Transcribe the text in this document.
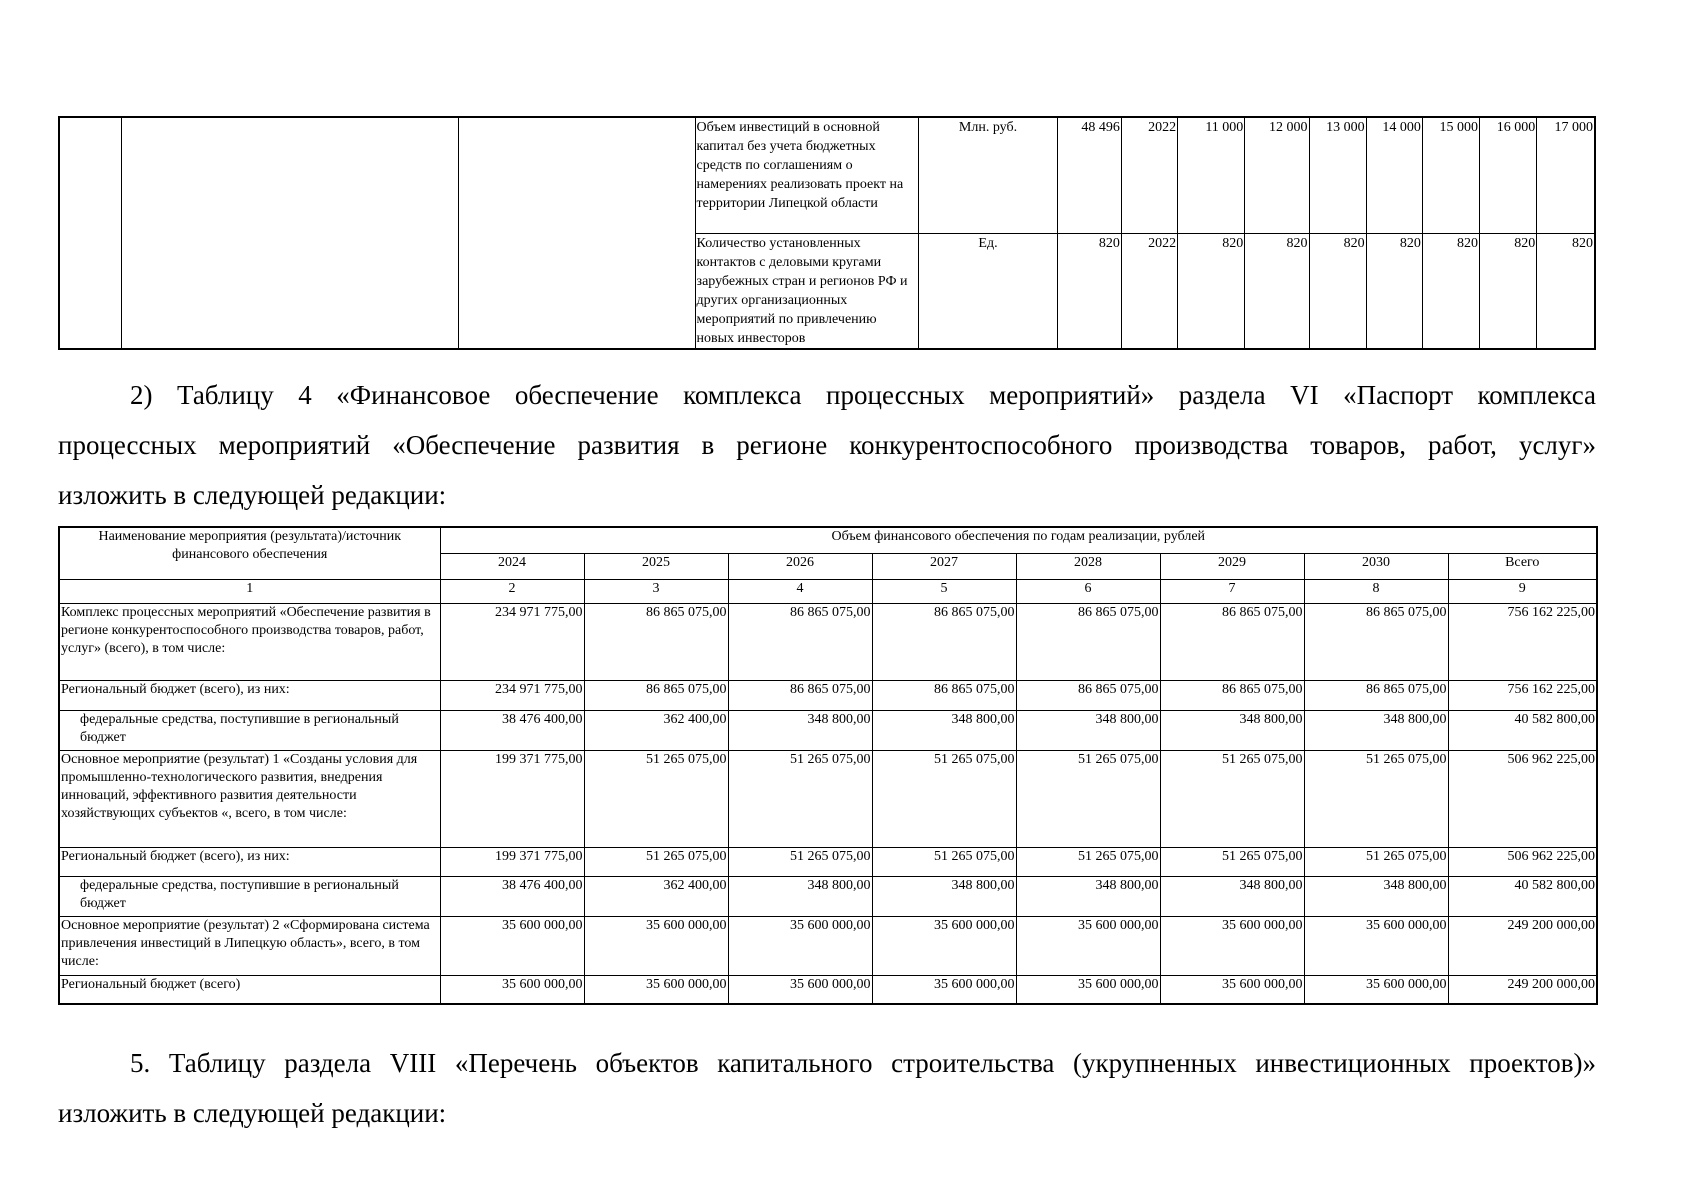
			Объем инвестиций в основной капитал без учета бюджетных средств по соглашениям о намерениях реализовать проект на территории Липецкой области	Млн. руб.	48 496	2022	11 000	12 000	13 000	14 000	15 000	16 000	17 000
			Количество установленных контактов с деловыми кругами зарубежных стран и регионов РФ и других организационных мероприятий по привлечению новых инвесторов	Ед.	820	2022	820	820	820	820	820	820	820
2) Таблицу 4 «Финансовое обеспечение комплекса процессных мероприятий» раздела VI «Паспорт комплекса
процессных мероприятий «Обеспечение развития в регионе конкурентоспособного производства товаров, работ, услуг»
изложить в следующей редакции:
Наименование мероприятия (результата)/источник финансового обеспечения	Объем финансового обеспечения по годам реализации, рублей							
	2024	2025	2026	2027	2028	2029	2030	Всего
1	2	3	4	5	6	7	8	9
Комплекс процессных мероприятий «Обеспечение развития в регионе конкурентоспособного производства товаров, работ, услуг» (всего), в том числе:	234 971 775,00	86 865 075,00	86 865 075,00	86 865 075,00	86 865 075,00	86 865 075,00	86 865 075,00	756 162 225,00
Региональный бюджет (всего), из них:	234 971 775,00	86 865 075,00	86 865 075,00	86 865 075,00	86 865 075,00	86 865 075,00	86 865 075,00	756 162 225,00
федеральные средства, поступившие в региональный бюджет	38 476 400,00	362 400,00	348 800,00	348 800,00	348 800,00	348 800,00	348 800,00	40 582 800,00
Основное мероприятие (результат) 1 «Созданы условия для промышленно-технологического развития, внедрения инноваций, эффективного развития деятельности хозяйствующих субъектов «, всего, в том числе:	199 371 775,00	51 265 075,00	51 265 075,00	51 265 075,00	51 265 075,00	51 265 075,00	51 265 075,00	506 962 225,00
Региональный бюджет (всего), из них:	199 371 775,00	51 265 075,00	51 265 075,00	51 265 075,00	51 265 075,00	51 265 075,00	51 265 075,00	506 962 225,00
федеральные средства, поступившие в региональный бюджет	38 476 400,00	362 400,00	348 800,00	348 800,00	348 800,00	348 800,00	348 800,00	40 582 800,00
Основное мероприятие (результат) 2 «Сформирована система привлечения инвестиций в Липецкую область», всего, в том числе:	35 600 000,00	35 600 000,00	35 600 000,00	35 600 000,00	35 600 000,00	35 600 000,00	35 600 000,00	249 200 000,00
Региональный бюджет (всего)	35 600 000,00	35 600 000,00	35 600 000,00	35 600 000,00	35 600 000,00	35 600 000,00	35 600 000,00	249 200 000,00
5. Таблицу раздела VIII «Перечень объектов капитального строительства (укрупненных инвестиционных проектов)»
изложить в следующей редакции:
